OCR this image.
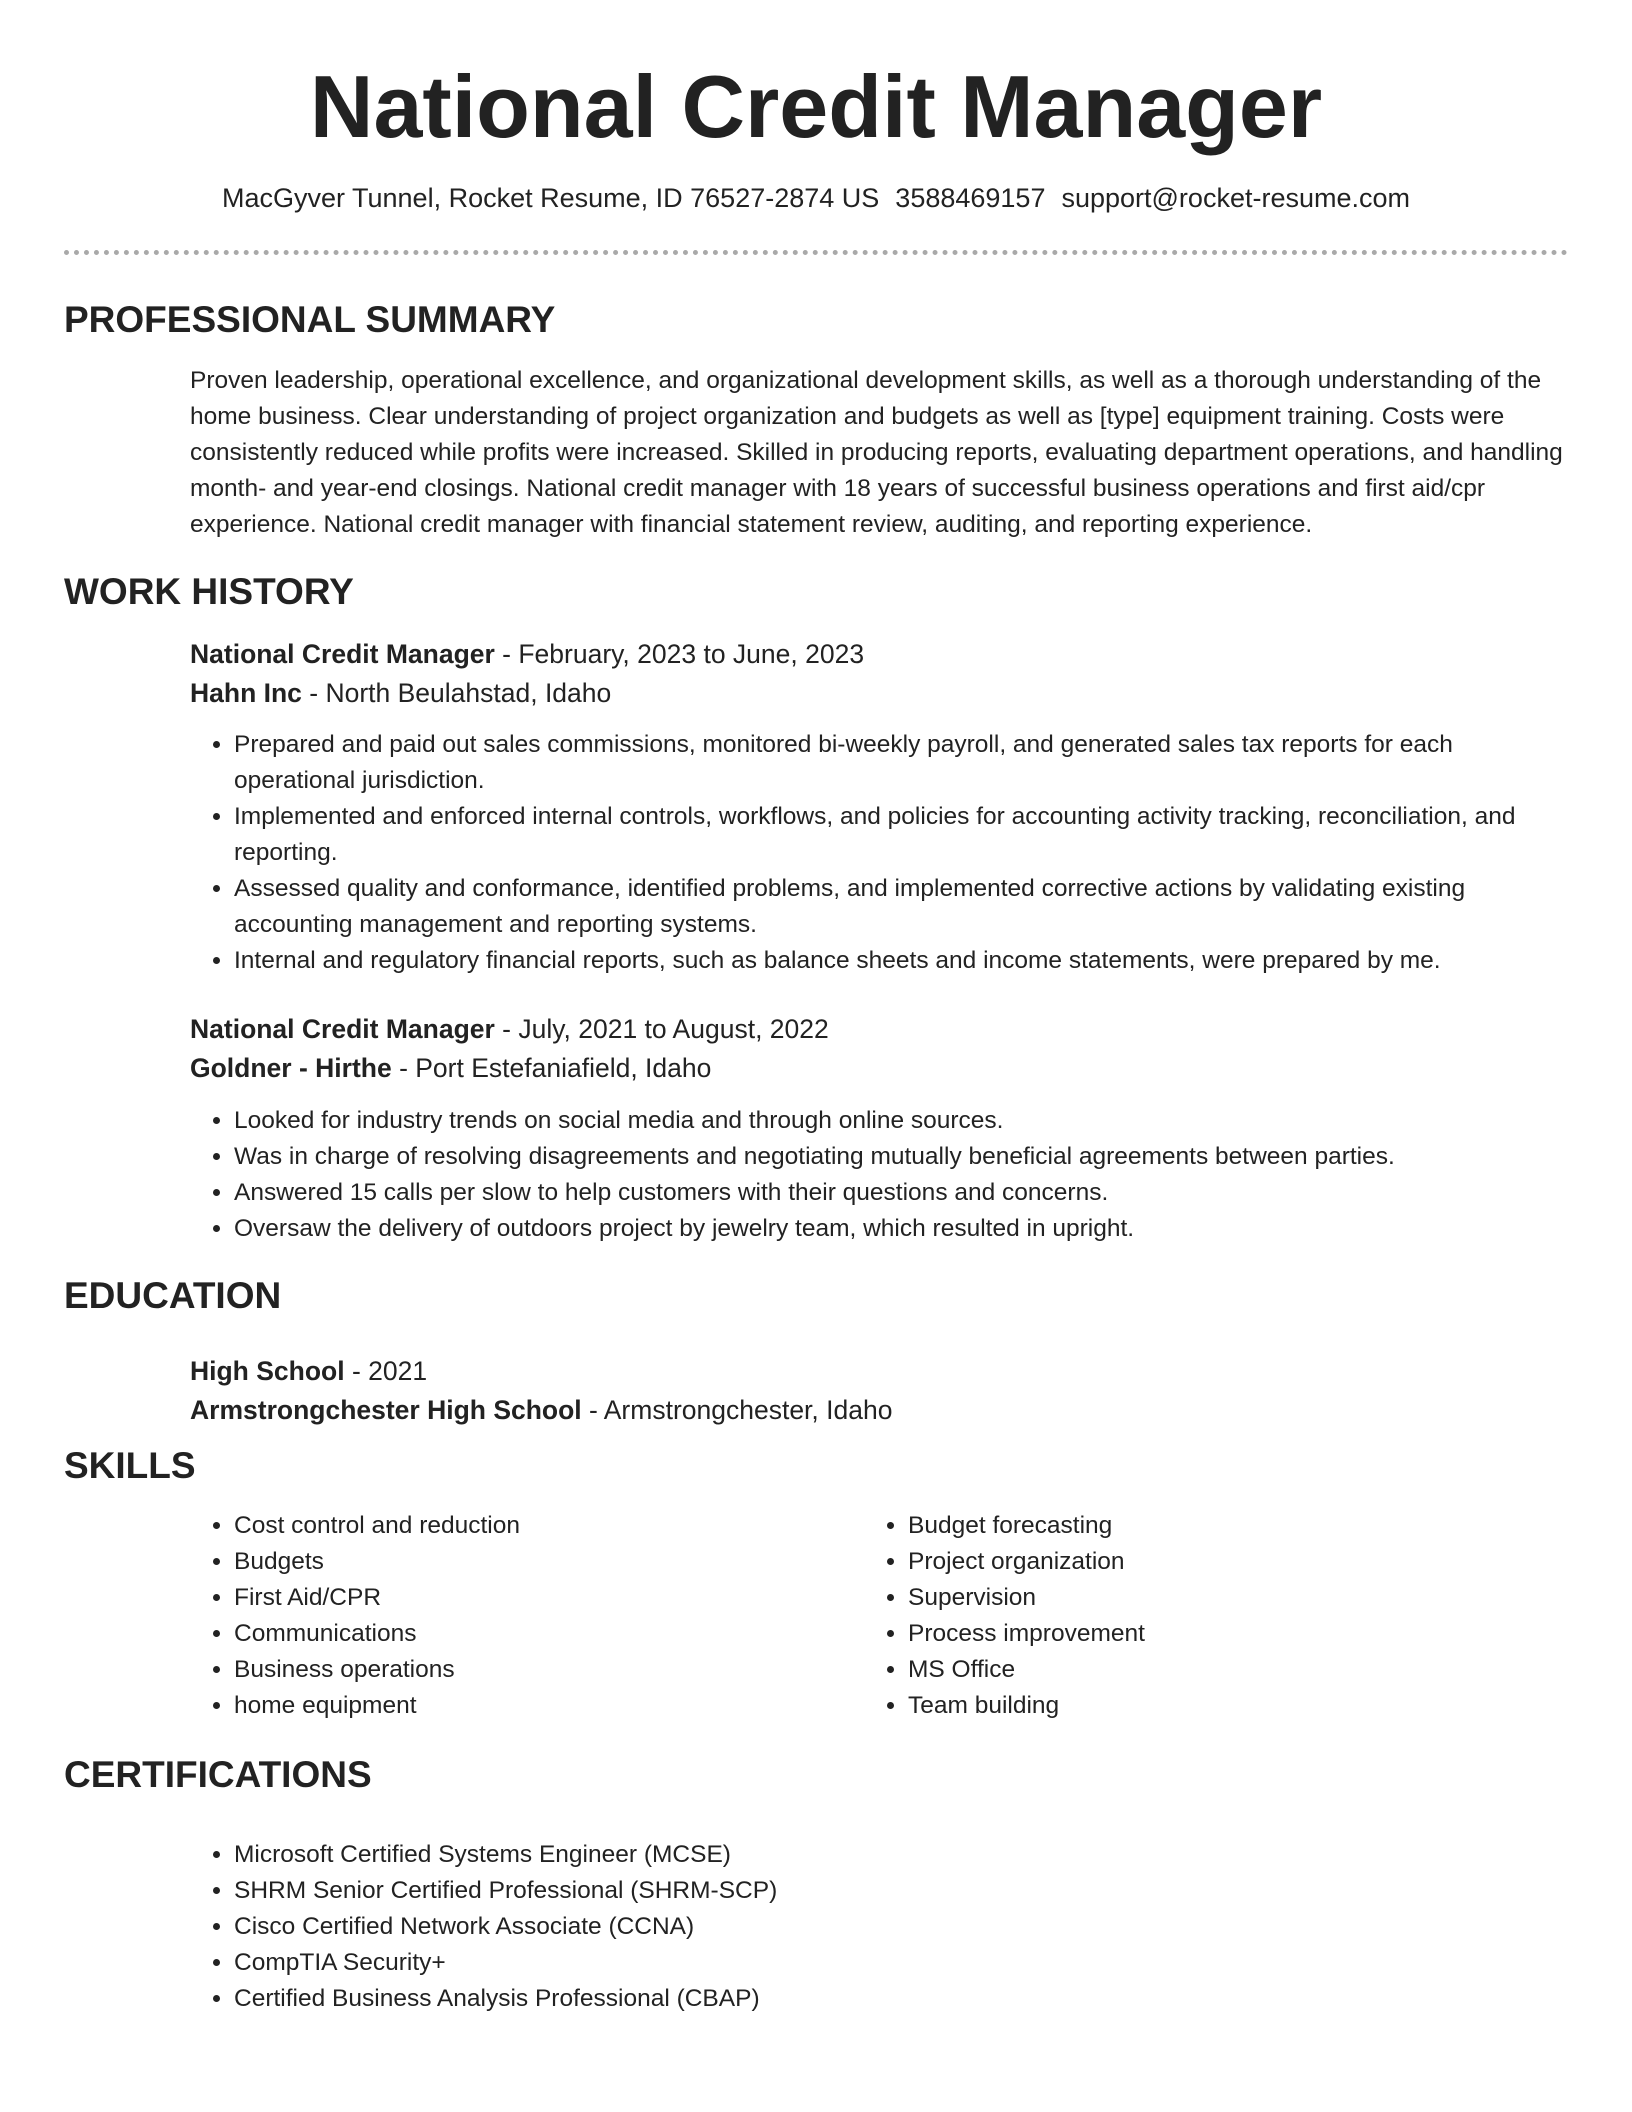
National Credit Manager
MacGyver Tunnel, Rocket Resume, ID 76527-2874 US 3588469157 support@rocket-resume.com
PROFESSIONAL SUMMARY

Proven leadership, operational excellence, and organizational development skills, as well as a thorough understanding of the home business. Clear understanding of project organization and budgets as well as [type] equipment training. Costs were consistently reduced while profits were increased. Skilled in producing reports, evaluating department operations, and handling month- and year-end closings. National credit manager with 18 years of successful business operations and first aid/cpr experience. National credit manager with financial statement review, auditing, and reporting experience.

WORK HISTORY
National Credit Manager - February, 2023 to June, 2023
Hahn Inc - North Beulahstad, Idaho
• Prepared and paid out sales commissions, monitored bi-weekly payroll, and generated sales tax reports for each operational jurisdiction.
• Implemented and enforced internal controls, workflows, and policies for accounting activity tracking, reconciliation, and reporting.
• Assessed quality and conformance, identified problems, and implemented corrective actions by validating existing accounting management and reporting systems.
• Internal and regulatory financial reports, such as balance sheets and income statements, were prepared by me.
National Credit Manager - July, 2021 to August, 2022
Goldner - Hirthe - Port Estefaniafield, Idaho
• Looked for industry trends on social media and through online sources.
• Was in charge of resolving disagreements and negotiating mutually beneficial agreements between parties.
• Answered 15 calls per slow to help customers with their questions and concerns.
• Oversaw the delivery of outdoors project by jewelry team, which resulted in upright.
EDUCATION
High School - 2021
Armstrongchester High School - Armstrongchester, Idaho
SKILLS
• Cost control and reduction
• Budgets
• First Aid/CPR
• Communications
• Business operations
• home equipment
• Budget forecasting
• Project organization
• Supervision
• Process improvement
• MS Office
• Team building
CERTIFICATIONS
• Microsoft Certified Systems Engineer (MCSE)
• SHRM Senior Certified Professional (SHRM-SCP)
• Cisco Certified Network Associate (CCNA)
• CompTIA Security+
• Certified Business Analysis Professional (CBAP)
